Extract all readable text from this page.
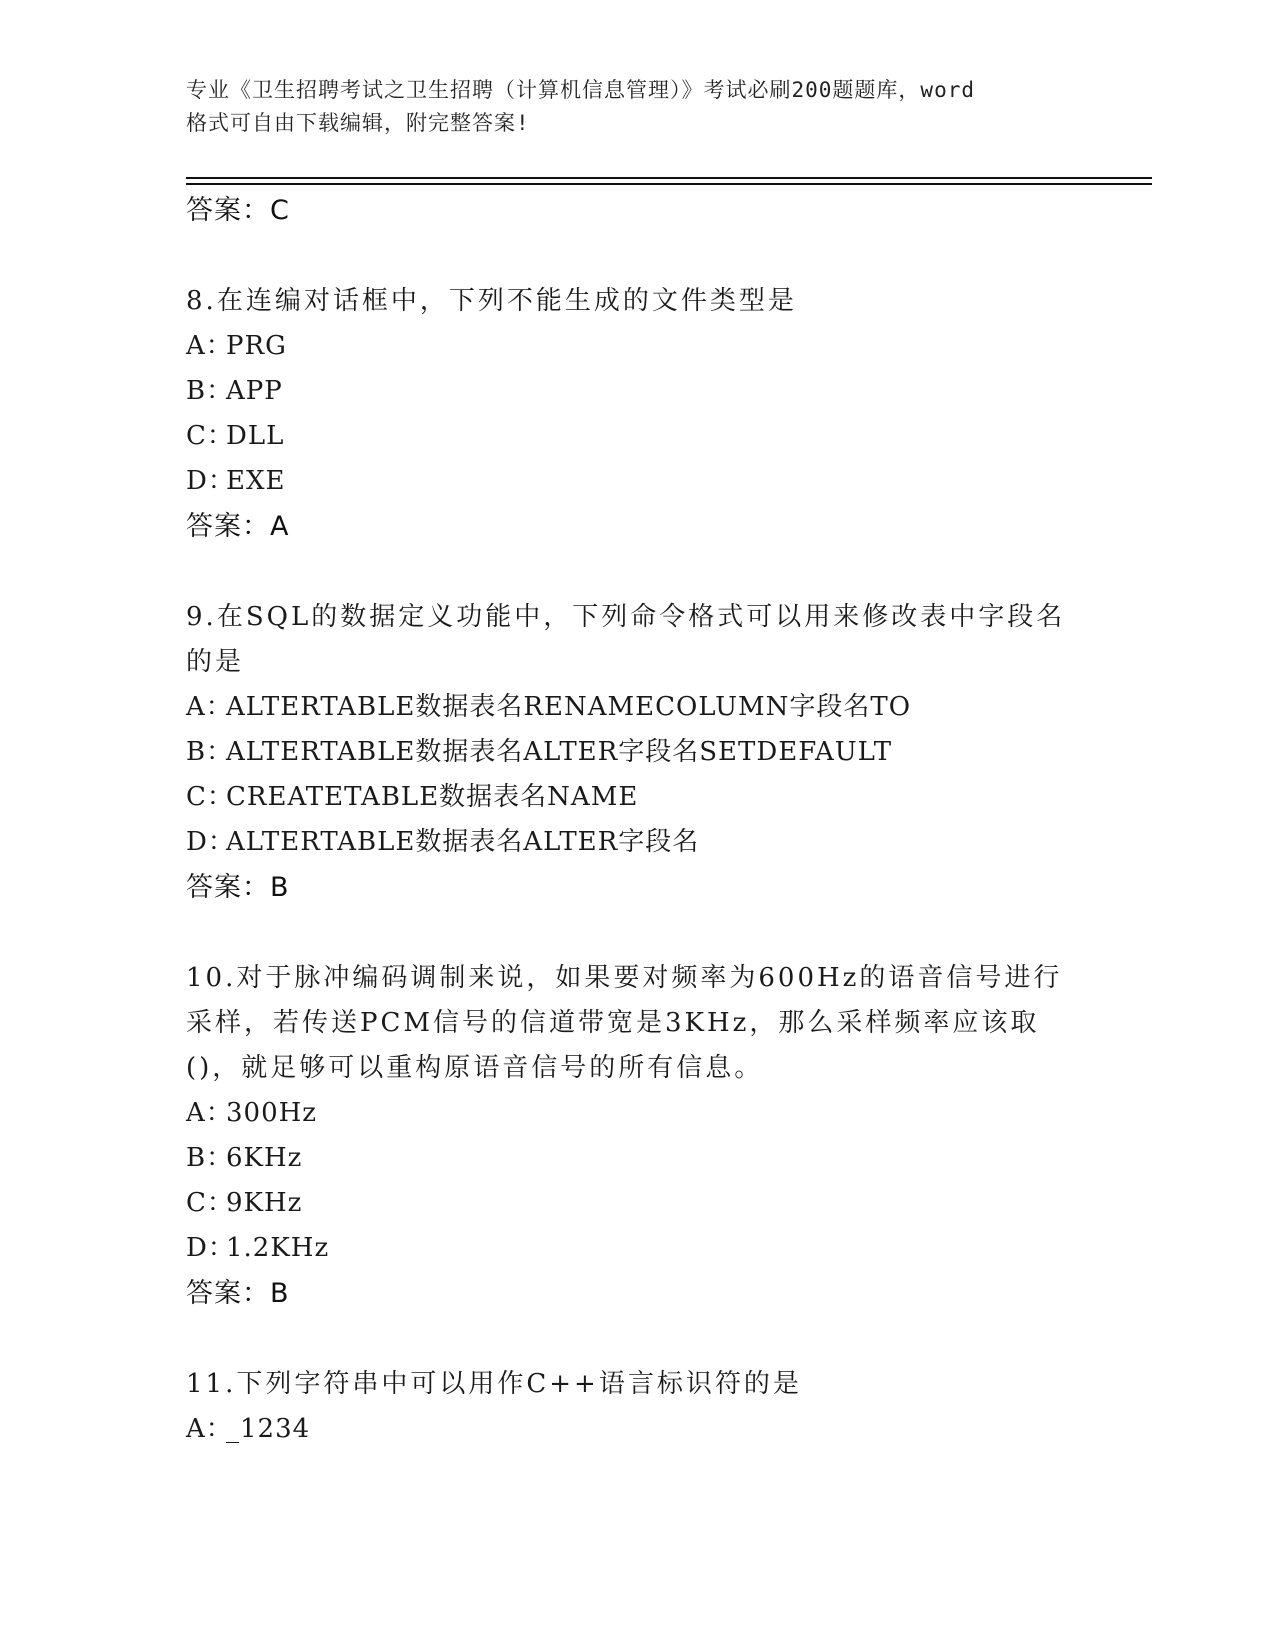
专业《卫生招聘考试之卫生招聘（计算机信息管理）》考试必刷200题题库，word
格式可自由下载编辑，附完整答案!
答案：C
8.在连编对话框中，下列不能生成的文件类型是
A：PRG
B：APP
C：DLL
D：EXE
答案：A
9.在SQL的数据定义功能中，下列命令格式可以用来修改表中字段名的是
A：ALTERTABLE数据表名RENAMECOLUMN字段名TO
B：ALTERTABLE数据表名ALTER字段名SETDEFAULT
C：CREATETABLE数据表名NAME
D：ALTERTABLE数据表名ALTER字段名
答案：B
10.对于脉冲编码调制来说，如果要对频率为600Hz的语音信号进行采样，若传送PCM信号的信道带宽是3KHz，那么采样频率应该取()，就足够可以重构原语音信号的所有信息。
A：300Hz
B：6KHz
C：9KHz
D：1.2KHz
答案：B
11.下列字符串中可以用作C++语言标识符的是
A：_1234
